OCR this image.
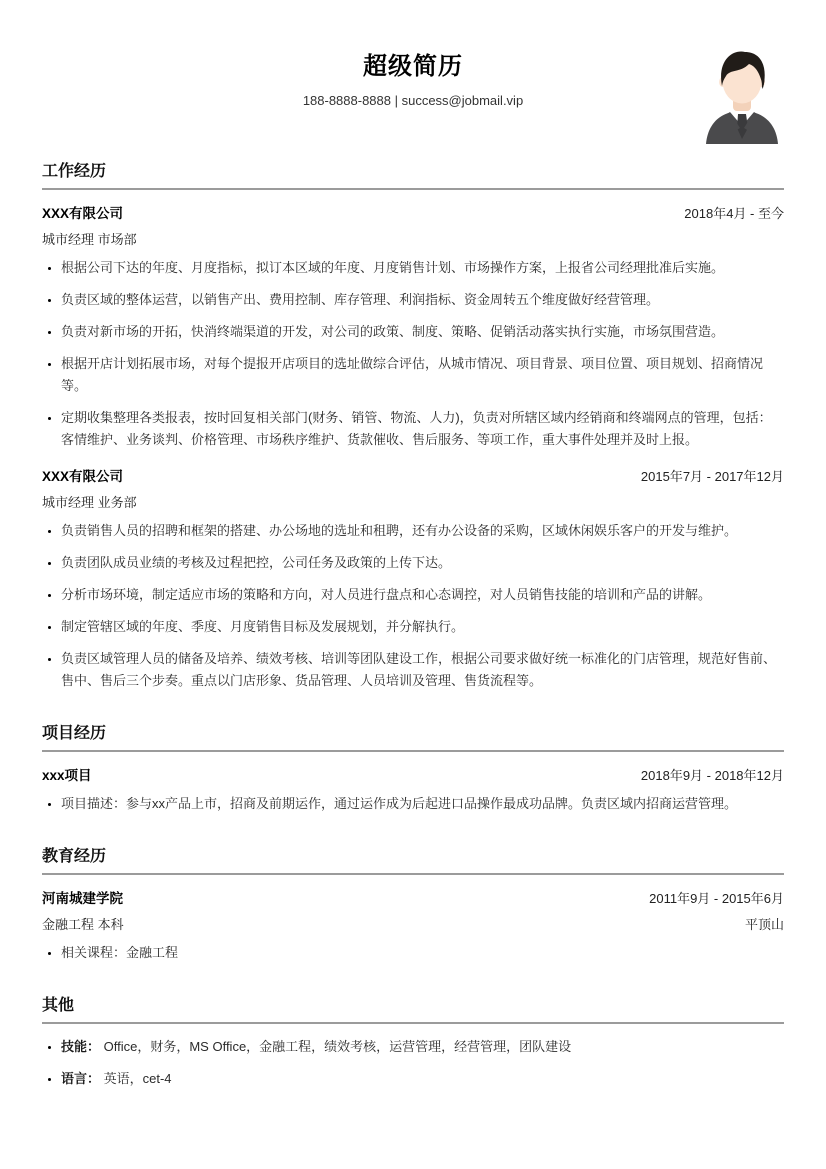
超级简历
188-8888-8888 | success@jobmail.vip
工作经历
XXX有限公司	2018年4月 - 至今
城市经理 市场部
• 根据公司下达的年度、月度指标，拟订本区域的年度、月度销售计划、市场操作方案，上报省公司经理批准后实施。
• 负责区域的整体运营，以销售产出、费用控制、库存管理、利润指标、资金周转五个维度做好经营管理。
• 负责对新市场的开拓，快消终端渠道的开发，对公司的政策、制度、策略、促销活动落实执行实施，市场氛围营造。
• 根据开店计划拓展市场，对每个提报开店项目的选址做综合评估，从城市情况、项目背景、项目位置、项目规划、招商情况等。
• 定期收集整理各类报表，按时回复相关部门(财务、销管、物流、人力)，负责对所辖区域内经销商和终端网点的管理，包括：客情维护、业务谈判、价格管理、市场秩序维护、货款催收、售后服务、等项工作，重大事件处理并及时上报。
XXX有限公司	2015年7月 - 2017年12月
城市经理 业务部
• 负责销售人员的招聘和框架的搭建、办公场地的选址和租聘，还有办公设备的采购，区域休闲娱乐客户的开发与维护。
• 负责团队成员业绩的考核及过程把控，公司任务及政策的上传下达。
• 分析市场环境，制定适应市场的策略和方向，对人员进行盘点和心态调控，对人员销售技能的培训和产品的讲解。
• 制定管辖区域的年度、季度、月度销售目标及发展规划，并分解执行。
• 负责区域管理人员的储备及培养、绩效考核、培训等团队建设工作，根据公司要求做好统一标准化的门店管理，规范好售前、售中、售后三个步奏。重点以门店形象、货品管理、人员培训及管理、售货流程等。
项目经历
xxx项目	2018年9月 - 2018年12月
• 项目描述：参与xx产品上市，招商及前期运作，通过运作成为后起进口品操作最成功品牌。负责区域内招商运营管理。
教育经历
河南城建学院	2011年9月 - 2015年6月
金融工程 本科	平顶山
• 相关课程：金融工程
其他
• 技能： Office，财务，MS Office，金融工程，绩效考核，运营管理，经营管理，团队建设
• 语言： 英语，cet-4
